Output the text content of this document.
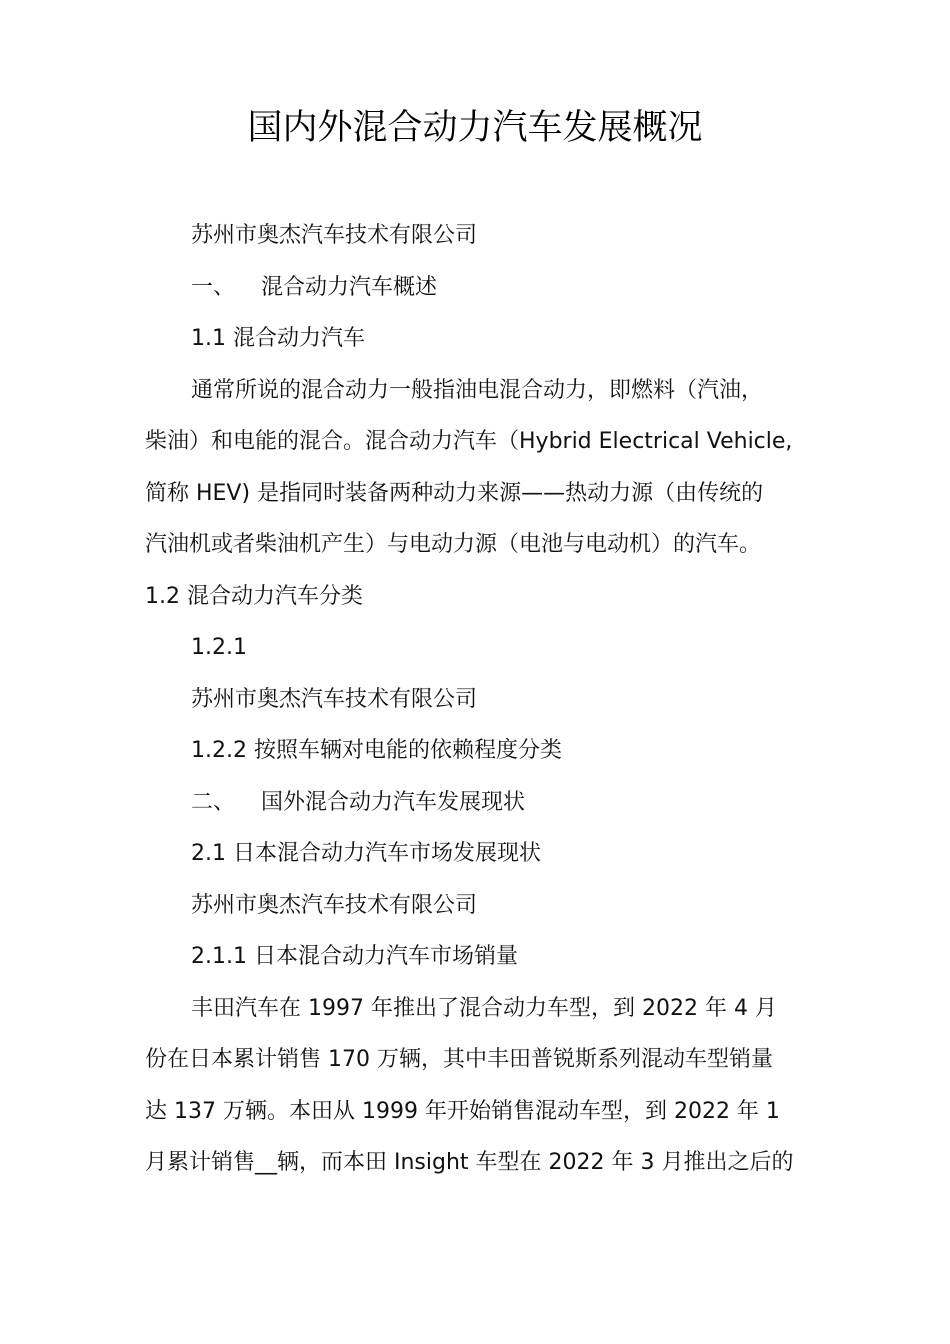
国内外混合动力汽车发展概况

苏州市奥杰汽车技术有限公司

一、 混合动力汽车概述

1.1 混合动力汽车

通常所说的混合动力一般指油电混合动力，即燃料（汽油，

柴油）和电能的混合。混合动力汽车（Hybrid Electrical Vehicle,

简称 HEV) 是指同时装备两种动力来源——热动力源（由传统的

汽油机或者柴油机产生）与电动力源（电池与电动机）的汽车。

1.2 混合动力汽车分类

1.2.1

苏州市奥杰汽车技术有限公司

1.2.2 按照车辆对电能的依赖程度分类

二、 国外混合动力汽车发展现状

2.1 日本混合动力汽车市场发展现状

苏州市奥杰汽车技术有限公司

2.1.1 日本混合动力汽车市场销量

丰田汽车在 1997 年推出了混合动力车型，到 2022 年 4 月

份在日本累计销售 170 万辆，其中丰田普锐斯系列混动车型销量

达 137 万辆。本田从 1999 年开始销售混动车型，到 2022 年 1

月累计销售__辆，而本田 Insight 车型在 2022 年 3 月推出之后的
